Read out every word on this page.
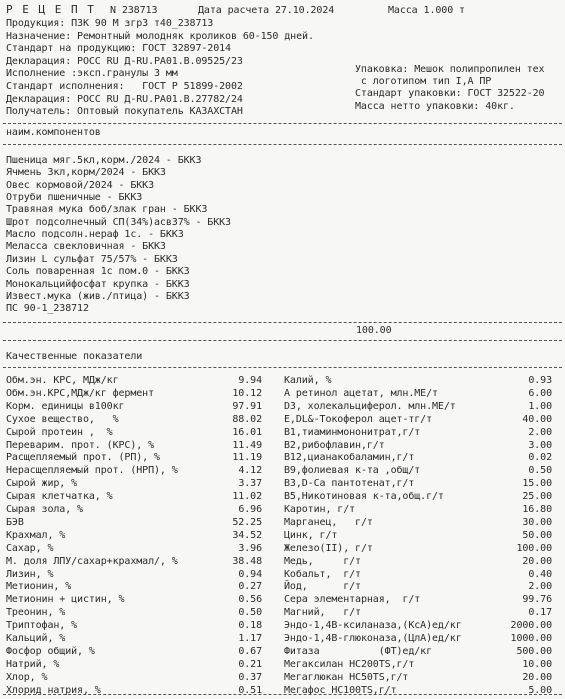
Р Е Ц Е П Т N 238713	Дата расчета 27.10.2024	Масса 1.000 т
Продукция: ПЗК 90 М згр3 т40_238713
Назначение: Ремонтный молодняк кроликов 60-150 дней.
Стандарт на продукцию: ГОСТ 32897-2014
Декларация: РОСС RU Д-RU.PA01.B.09525/23
Исполнение :эксп.гранулы 3 мм
Стандарт исполнения:   ГОСТ Р 51899-2002
Декларация: РОСС RU Д-RU.PA01.B.27782/24
Получатель: Оптовый покупатель КАЗАХСТАН
Упаковка: Мешок полипропилен тех
с логотипом тип I,А ПР
Стандарт упаковки: ГОСТ 32522-20
Масса нетто упаковки: 40кг.
наим.компонентов
Пшеница мяг.5кл,корм./2024 - БККЗ
Ячмень 3кл,корм/2024 - БККЗ
Овес кормовой/2024 - БККЗ
Отруби пшеничные - БККЗ
Травяная мука боб/злак гран - БККЗ
Шрот подсолнечный СП(34%)асв37% - БККЗ
Масло подсолн.нераф 1с. - БККЗ
Меласса свекловичная - БККЗ
Лизин L сульфат 75/57% - БККЗ
Соль поваренная 1с пом.0 - БККЗ
Монокальцийфосфат крупка - БККЗ
Извест.мука (жив./птица) - БККЗ
ПС 90-1_238712
100.00
Качественные показатели
Обм.эн. КРС, МДж/кг	9.94
Обм.эн.КРС,МДж/кг фермент	10.12
Корм. единицы в100кг	97.91
Сухое вещество,   %	88.02
Сырой протеин ,  %	16.01
Переварим. прот. (КРС), %	11.49
Расщепляемый прот. (РП), %	11.19
Нерасщепляемый прот. (НРП), %	4.12
Сырой жир, %	3.37
Сырая клетчатка, %	11.02
Сырая зола, %	6.96
БЭВ	52.25
Крахмал, %	34.52
Сахар, %	3.96
М. доля ЛПУ/сахар+крахмал/, %	38.48
Лизин, %	0.94
Метионин, %	0.27
Метионин + цистин, %	0.56
Треонин, %	0.50
Триптофан, %	0.18
Кальций, %	1.17
Фосфор общий, %	0.67
Натрий, %	0.21
Хлор, %	0.37
Хлорид натрия, %	0.51
Калий, %	0.93
А ретинол ацетат, млн.МЕ/т	6.00
D3, холекальциферол. млн.МЕ/т	1.00
E,DL&-Токоферол ацет-тг/т	40.00
B1,тиаминмононитрат,г/т	2.00
B2,рибофлавин,г/т	3.00
B12,цианакобаламин,г/т	0.02
B9,фолиевая к-та ,общ/т	0.50
B3,D-Са пантотенат,г/т	15.00
B5,Никотиновая к-та,общ.г/т	25.00
Каротин, г/т	16.80
Марганец,   г/т	30.00
Цинк, г/т	50.00
Железо(II), г/т	100.00
Медь,     г/т	20.00
Кобальт,  г/т	0.40
Йод,      г/т	2.00
Сера элементарная,  г/т	99.76
Магний,   г/т	0.17
Эндо-1,4В-ксиланаза,(КсА)ед/кг	2000.00
Эндо-1,4В-глюконаза,(ЦлА)ед/кг	1000.00
Фитаза          (ФТ)ед/кг	500.00
Мегаксилан НС200ТS,г/т	10.00
Мегаглюкан НС50ТS,г/т	20.00
Мегафос НС100ТS,г/т	5.00
